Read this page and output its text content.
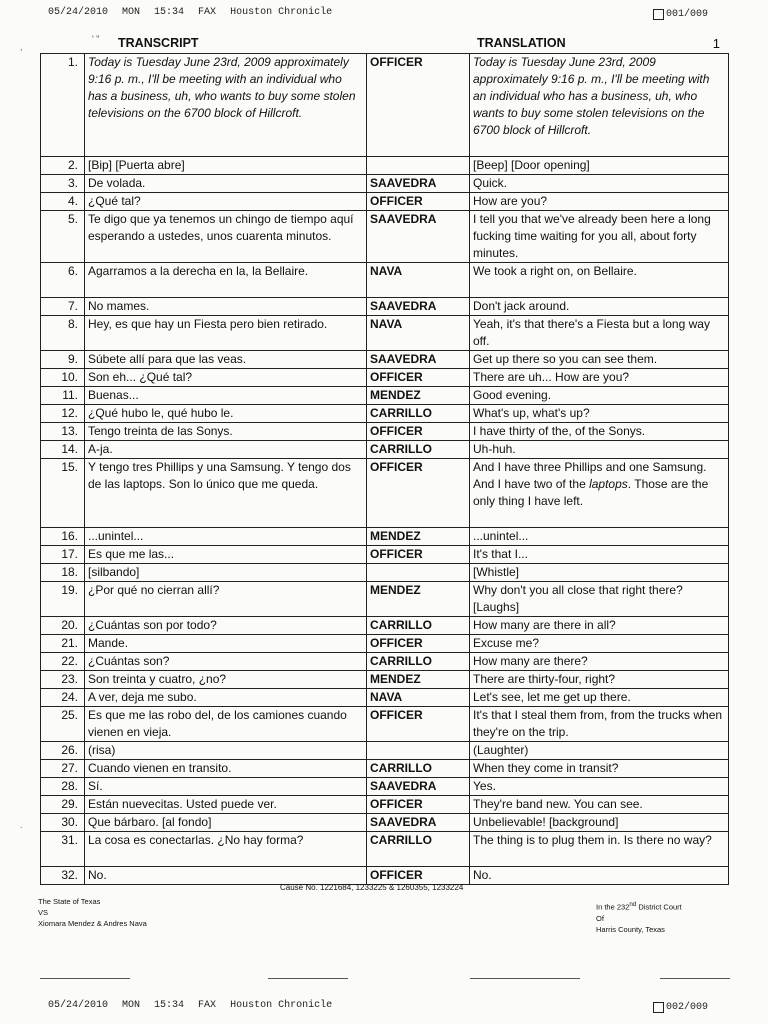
05/24/2010 MON 15:34 FAX Houston Chronicle	001/009
,
.
' " TRANSCRIPT	TRANSLATION	1
1.	Today is Tuesday June 23rd, 2009 approximately 9:16 p. m., I'll be meeting with an individual who has a business, uh, who wants to buy some stolen televisions on the 6700 block of Hillcroft.	OFFICER	Today is Tuesday June 23rd, 2009 approximately 9:16 p. m., I'll be meeting with an individual who has a business, uh, who wants to buy some stolen televisions on the 6700 block of Hillcroft.
2.	[Bip] [Puerta abre]		[Beep] [Door opening]
3.	De volada.	SAAVEDRA	Quick.
4.	¿Qué tal?	OFFICER	How are you?
5.	Te digo que ya tenemos un chingo de tiempo aquí esperando a ustedes, unos cuarenta minutos.	SAAVEDRA	I tell you that we've already been here a long fucking time waiting for you all, about forty minutes.
6.	Agarramos a la derecha en la, la Bellaire.	NAVA	We took a right on, on Bellaire.
7.	No mames.	SAAVEDRA	Don't jack around.
8.	Hey, es que hay un Fiesta pero bien retirado.	NAVA	Yeah, it's that there's a Fiesta but a long way off.
9.	Súbete allí para que las veas.	SAAVEDRA	Get up there so you can see them.
10.	Son eh... ¿Qué tal?	OFFICER	There are uh... How are you?
11.	Buenas...	MENDEZ	Good evening.
12.	¿Qué hubo le, qué hubo le.	CARRILLO	What's up, what's up?
13.	Tengo treinta de las Sonys.	OFFICER	I have thirty of the, of the Sonys.
14.	A-ja.	CARRILLO	Uh-huh.
15.	Y tengo tres Phillips y una Samsung. Y tengo dos de las laptops. Son lo único que me queda.	OFFICER	And I have three Phillips and one Samsung. And I have two of the laptops. Those are the only thing I have left.
16.	...unintel...	MENDEZ	...unintel...
17.	Es que me las...	OFFICER	It's that I...
18.	[silbando]		[Whistle]
19.	¿Por qué no cierran allí?	MENDEZ	Why don't you all close that right there? [Laughs]
20.	¿Cuántas son por todo?	CARRILLO	How many are there in all?
21.	Mande.	OFFICER	Excuse me?
22.	¿Cuántas son?	CARRILLO	How many are there?
23.	Son treinta y cuatro, ¿no?	MENDEZ	There are thirty-four, right?
24.	A ver, deja me subo.	NAVA	Let's see, let me get up there.
25.	Es que me las robo del, de los camiones cuando vienen en vieja.	OFFICER	It's that I steal them from, from the trucks when they're on the trip.
26.	(risa)		(Laughter)
27.	Cuando vienen en transito.	CARRILLO	When they come in transit?
28.	Sí.	SAAVEDRA	Yes.
29.	Están nuevecitas. Usted puede ver.	OFFICER	They're band new. You can see.
30.	Que bárbaro. [al fondo]	SAAVEDRA	Unbelievable! [background]
31.	La cosa es conectarlas. ¿No hay forma?	CARRILLO	The thing is to plug them in. Is there no way?
32.	No.	OFFICER	No.
Cause No. 1221684, 1233225 & 1260355, 1233224
The State of Texas
VS
Xiomara Mendez & Andres Nava
In the 232nd District Court
Of
Harris County, Texas
05/24/2010 MON 15:34 FAX Houston Chronicle	002/009
